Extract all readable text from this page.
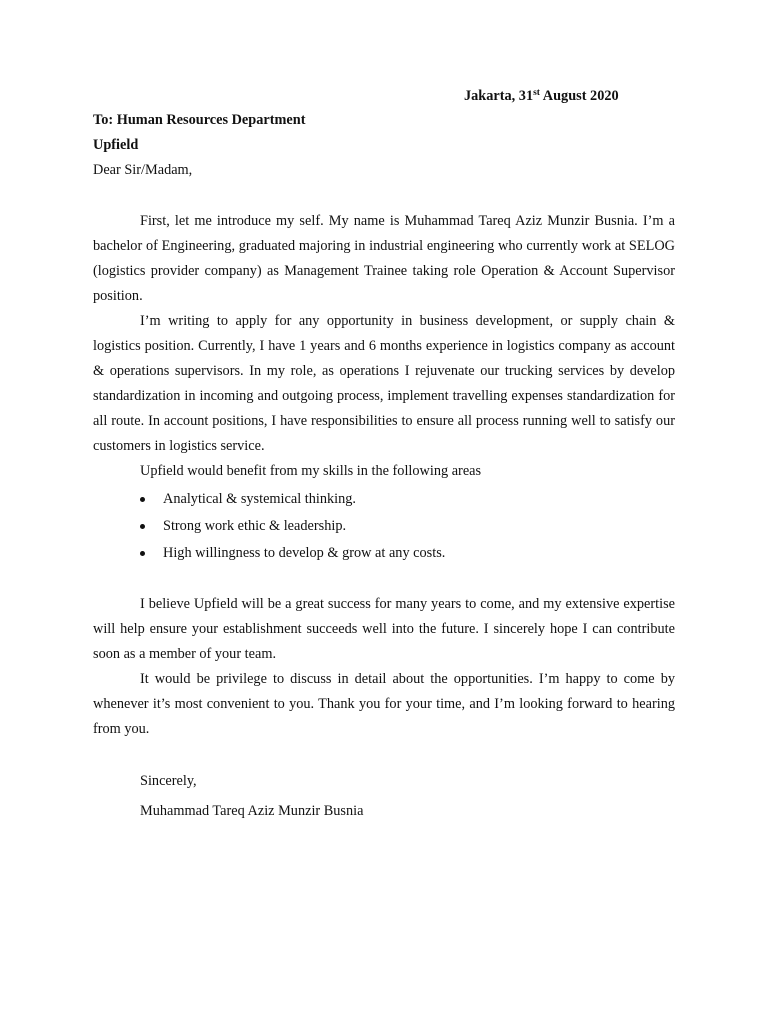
Jakarta, 31st August 2020
To: Human Resources Department
Upfield
Dear Sir/Madam,

First, let me introduce my self. My name is Muhammad Tareq Aziz Munzir Busnia. I’m a bachelor of Engineering, graduated majoring in industrial engineering who currently work at SELOG (logistics provider company) as Management Trainee taking role Operation & Account Supervisor position.

I’m writing to apply for any opportunity in business development, or supply chain & logistics position. Currently, I have 1 years and 6 months experience in logistics company as account & operations supervisors. In my role, as operations I rejuvenate our trucking services by develop standardization in incoming and outgoing process, implement travelling expenses standardization for all route. In account positions, I have responsibilities to ensure all process running well to satisfy our customers in logistics service.

Upfield would benefit from my skills in the following areas

Analytical & systemical thinking.
Strong work ethic & leadership.
High willingness to develop & grow at any costs.

I believe Upfield will be a great success for many years to come, and my extensive expertise will help ensure your establishment succeeds well into the future. I sincerely hope I can contribute soon as a member of your team.

It would be privilege to discuss in detail about the opportunities. I’m happy to come by whenever it’s most convenient to you. Thank you for your time, and I’m looking forward to hearing from you.

Sincerely,
Muhammad Tareq Aziz Munzir Busnia
